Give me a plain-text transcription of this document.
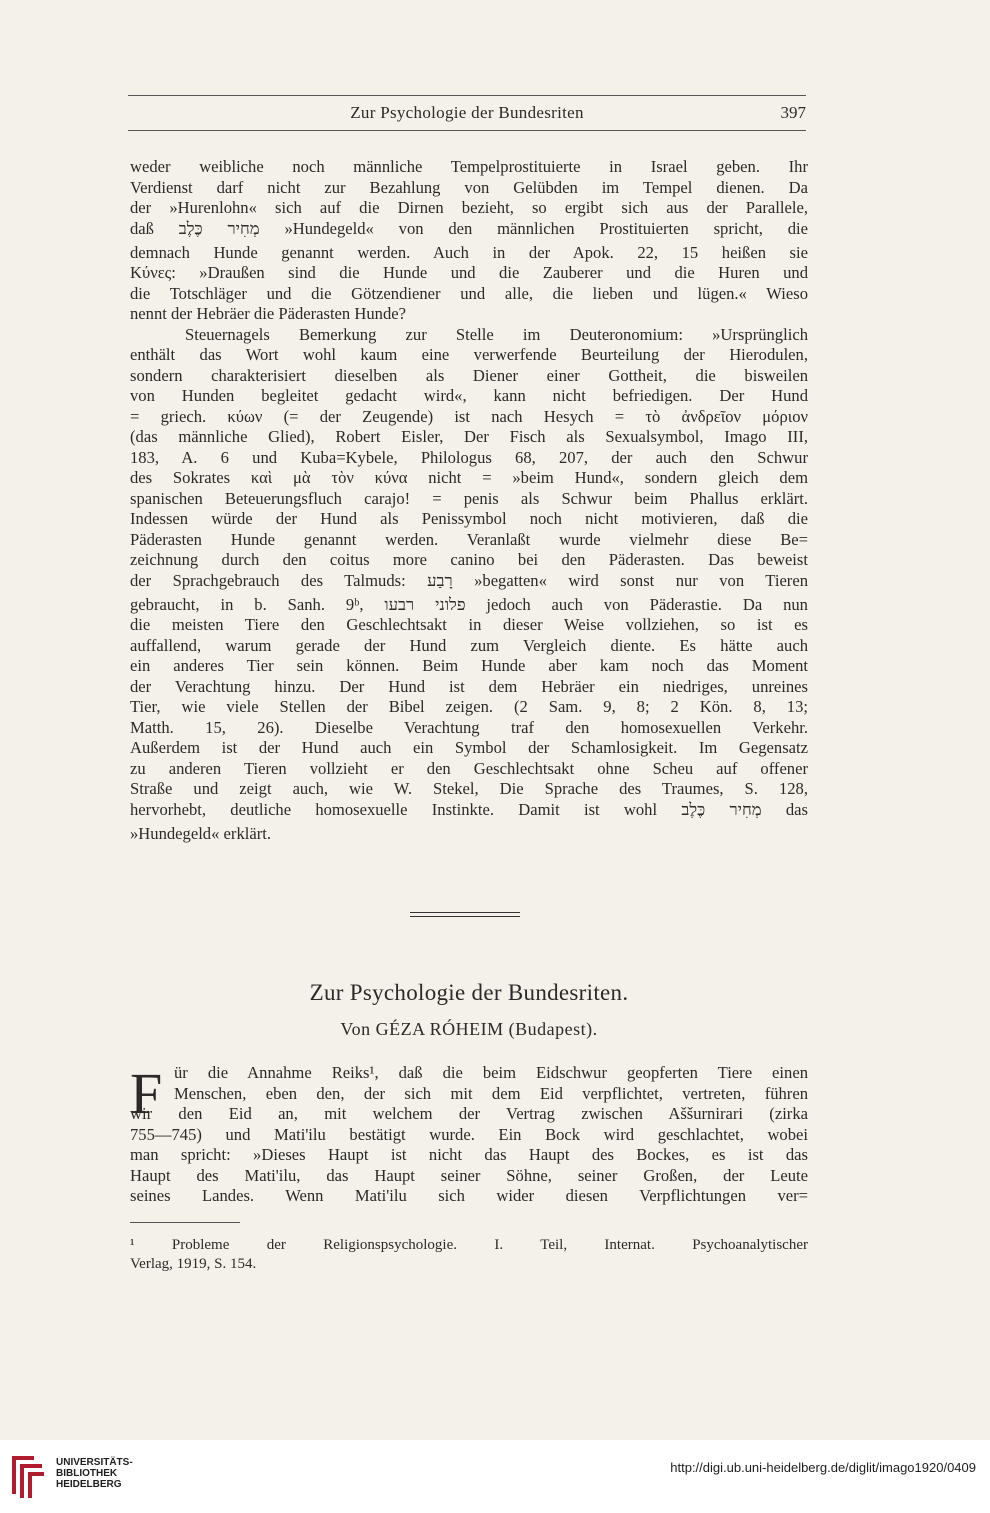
Zur Psychologie der Bundesriten	397
weder weibliche noch männliche Tempelprostituierte in Israel geben. Ihr
Verdienst darf nicht zur Bezahlung von Gelübden im Tempel dienen. Da
der »Hurenlohn« sich auf die Dirnen bezieht, so ergibt sich aus der Parallele,
daß מְחִיר כֶּלֶב »Hundegeld« von den männlichen Prostituierten spricht, die
demnach Hunde genannt werden. Auch in der Apok. 22, 15 heißen sie
Κύνες: »Draußen sind die Hunde und die Zauberer und die Huren und
die Totschläger und die Götzendiener und alle, die lieben und lügen.« Wieso
nennt der Hebräer die Päderasten Hunde?
Steuernagels Bemerkung zur Stelle im Deuteronomium: »Ursprünglich
enthält das Wort wohl kaum eine verwerfende Beurteilung der Hierodulen,
sondern charakterisiert dieselben als Diener einer Gottheit, die bisweilen
von Hunden begleitet gedacht wird«, kann nicht befriedigen. Der Hund
= griech. κύων (= der Zeugende) ist nach Hesych = τὸ ἀνδρεῖον μόριον
(das männliche Glied), Robert Eisler, Der Fisch als Sexualsymbol, Imago III,
183, A. 6 und Kuba=Kybele, Philologus 68, 207, der auch den Schwur
des Sokrates καὶ μὰ τὸν κύνα nicht = »beim Hund«, sondern gleich dem
spanischen Beteuerungsfluch carajo! = penis als Schwur beim Phallus erklärt.
Indessen würde der Hund als Penissymbol noch nicht motivieren, daß die
Päderasten Hunde genannt werden. Veranlaßt wurde vielmehr diese Be=
zeichnung durch den coitus more canino bei den Päderasten. Das beweist
der Sprachgebrauch des Talmuds: רָבַע »begatten« wird sonst nur von Tieren
gebraucht, in b. Sanh. 9ᵇ, פלוני רבעו jedoch auch von Päderastie. Da nun
die meisten Tiere den Geschlechtsakt in dieser Weise vollziehen, so ist es
auffallend, warum gerade der Hund zum Vergleich diente. Es hätte auch
ein anderes Tier sein können. Beim Hunde aber kam noch das Moment
der Verachtung hinzu. Der Hund ist dem Hebräer ein niedriges, unreines
Tier, wie viele Stellen der Bibel zeigen. (2 Sam. 9, 8; 2 Kön. 8, 13;
Matth. 15, 26). Dieselbe Verachtung traf den homosexuellen Verkehr.
Außerdem ist der Hund auch ein Symbol der Schamlosigkeit. Im Gegensatz
zu anderen Tieren vollzieht er den Geschlechtsakt ohne Scheu auf offener
Straße und zeigt auch, wie W. Stekel, Die Sprache des Traumes, S. 128,
hervorhebt, deutliche homosexuelle Instinkte. Damit ist wohl מְחִיר כֶּלֶב das
»Hundegeld« erklärt.
Zur Psychologie der Bundesriten.
Von GÉZA RÓHEIM (Budapest).
F ür die Annahme Reiks¹, daß die beim Eidschwur geopferten Tiere einen
Menschen, eben den, der sich mit dem Eid verpflichtet, vertreten, führen
wir den Eid an, mit welchem der Vertrag zwischen Aššurnirari (zirka
755—745) und Mati'ilu bestätigt wurde. Ein Bock wird geschlachtet, wobei
man spricht: »Dieses Haupt ist nicht das Haupt des Bockes, es ist das
Haupt des Mati'ilu, das Haupt seiner Söhne, seiner Großen, der Leute
seines Landes. Wenn Mati'ilu sich wider diesen Verpflichtungen ver=
¹ Probleme der Religionspsychologie. I. Teil, Internat. Psychoanalytischer
Verlag, 1919, S. 154.
UNIVERSITÄTS-
BIBLIOTHEK
HEIDELBERG
http://digi.ub.uni-heidelberg.de/diglit/imago1920/0409
